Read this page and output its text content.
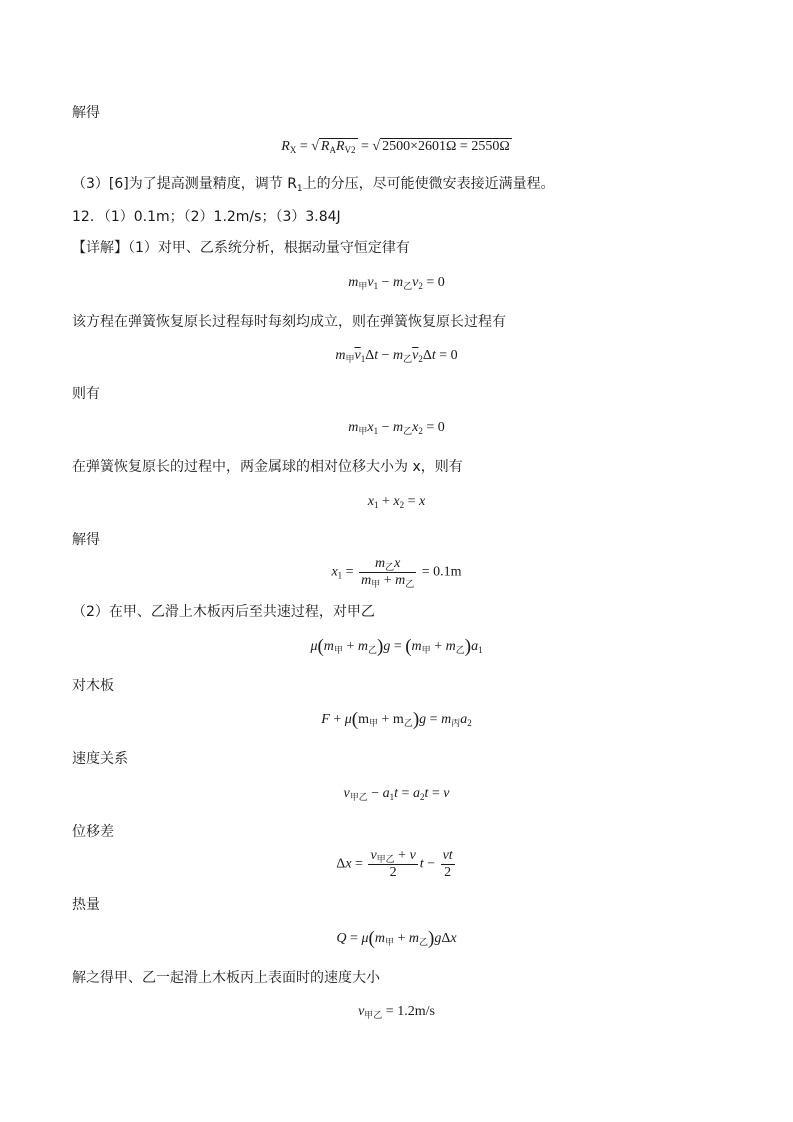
解得
$R_X$ = √ $R_AR_{V2}$ = √ 2500×2601Ω = 2550Ω
（3）[6]为了提高测量精度，调节 $R_1$上的分压，尽可能使微安表接近满量程。
12．（1）0.1m；（2）1.2m/s；（3）3.84J
【详解】（1）对甲、乙系统分析，根据动量守恒定律有
$m_甲v_1 - m_乙v_2 = 0$
该方程在弹簧恢复原长过程每时每刻均成立，则在弹簧恢复原长过程有
$m_甲\overline{v}_1\Delta t - m_乙\overline{v}_2\Delta t = 0$
则有
$m_甲x_1 - m_乙x_2 = 0$
在弹簧恢复原长的过程中，两金属球的相对位移大小为 x，则有
$x_1 + x_2 = x$
解得
$x_1 = \frac{m_乙x}{m_甲 + m_乙} = 0.1m$
（2）在甲、乙滑上木板丙后至共速过程，对甲乙
$\mu(m_甲 + m_乙)g = (m_甲 + m_乙)a_1$
对木板
$F + \mu(m_甲 + m_乙)g = m_丙a_2$
速度关系
$v_{甲乙} - a_1t = a_2t = v$
位移差
$\Delta x = \frac{v_{甲乙} + v}{2}$ $t - \frac{vt}{2}$
热量
$Q = \mu(m_甲 + m_乙)g\Delta x$
解之得甲、乙一起滑上木板丙上表面时的速度大小
$v_{甲乙} = 1.2m/s$
